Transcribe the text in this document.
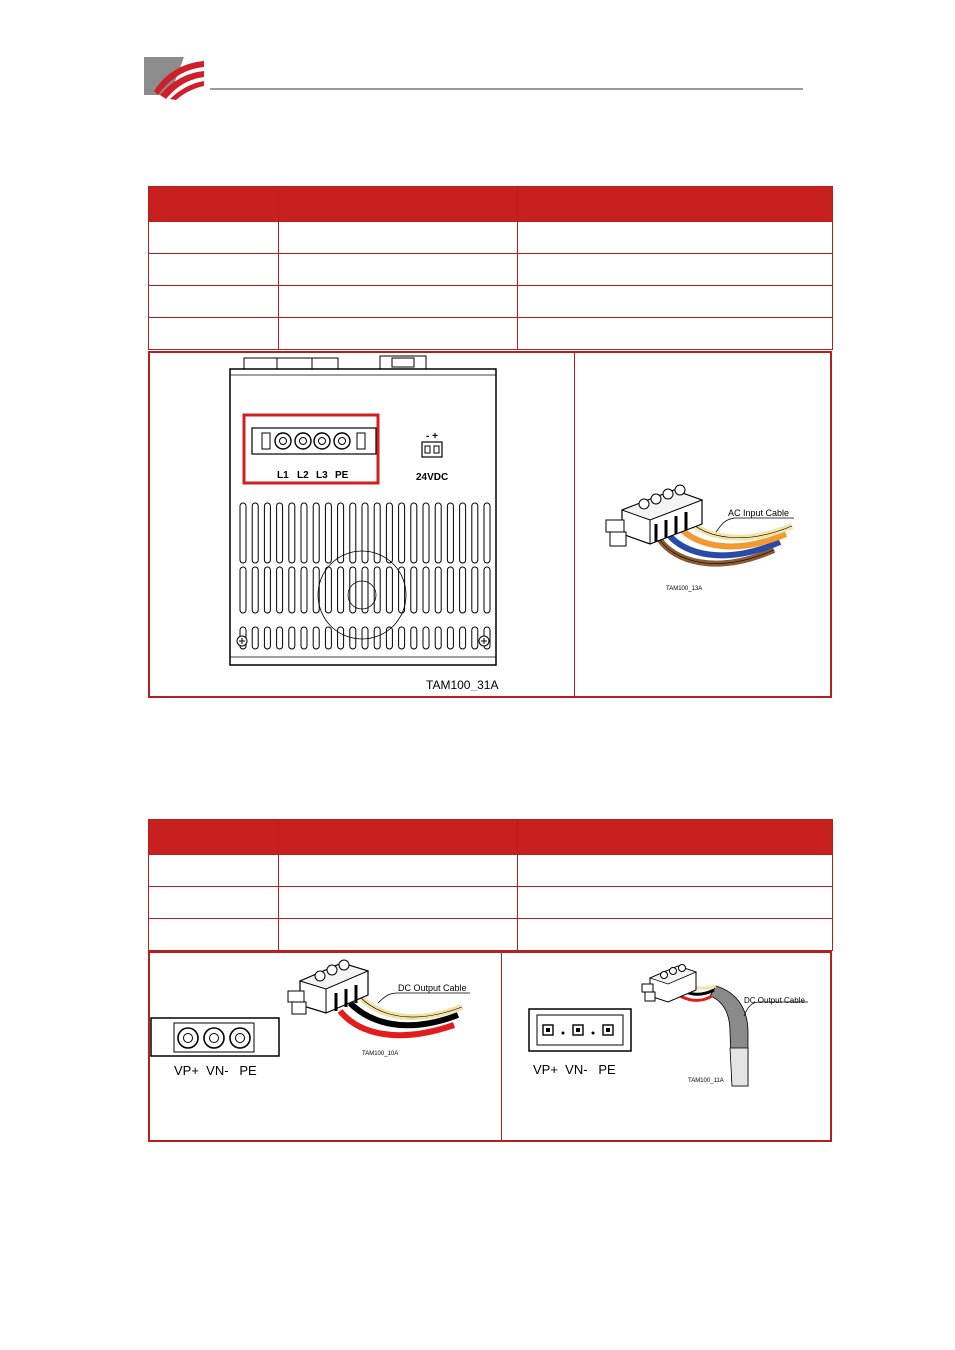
L1 L2 L3 PE
- +
24VDC
TAM100_31A
AC Input Cable
TAM100_13A

VP+  VN-   PE
DC Output Cable
TAM100_10A
VP+  VN-   PE
DC Output Cable
TAM100_11A
